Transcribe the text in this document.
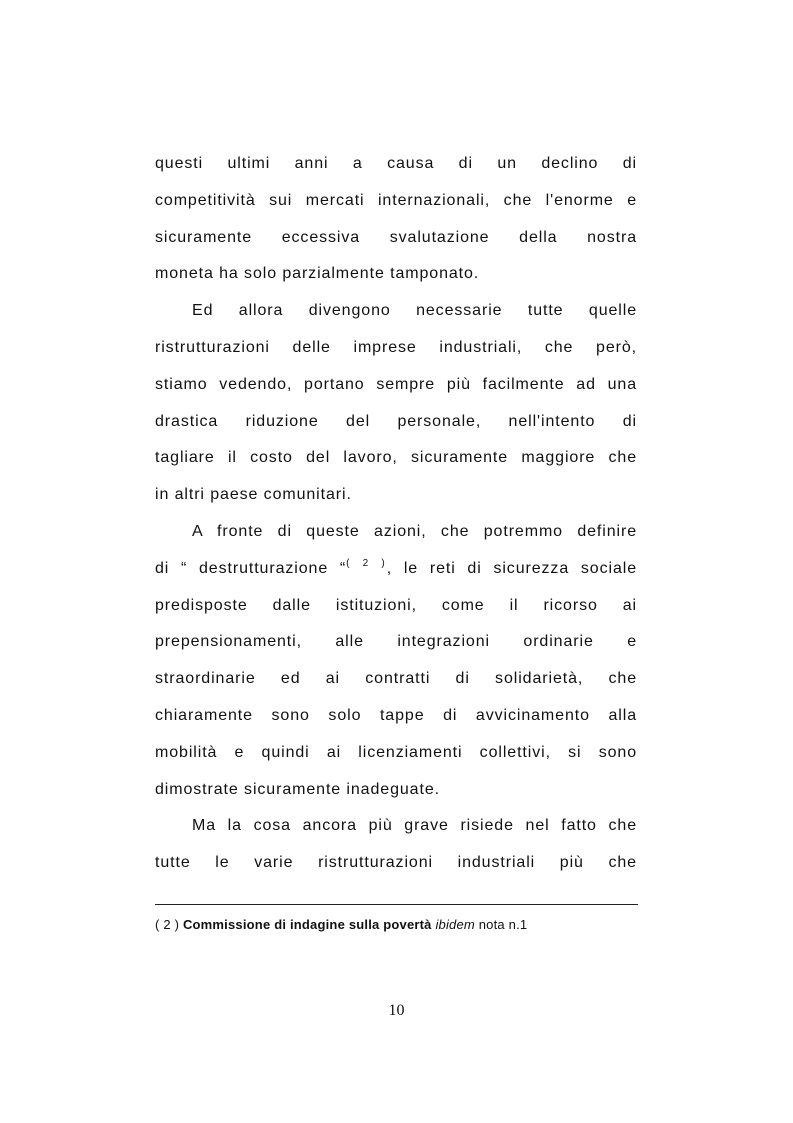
questi ultimi anni a causa di un declino di
competitività sui mercati internazionali, che l'enorme e
sicuramente eccessiva svalutazione della nostra
moneta ha solo parzialmente tamponato.
Ed allora divengono necessarie tutte quelle
ristrutturazioni delle imprese industriali, che però,
stiamo vedendo, portano sempre più facilmente ad una
drastica riduzione del personale, nell'intento di
tagliare il costo del lavoro, sicuramente maggiore che
in altri paese comunitari.
A fronte di queste azioni, che potremmo definire
di “ destrutturazione “$^{( 2 )}$, le reti di sicurezza sociale
predisposte dalle istituzioni, come il ricorso ai
prepensionamenti, alle integrazioni ordinarie e
straordinarie ed ai contratti di solidarietà, che
chiaramente sono solo tappe di avvicinamento alla
mobilità e quindi ai licenziamenti collettivi, si sono
dimostrate sicuramente inadeguate.
Ma la cosa ancora più grave risiede nel fatto che
tutte le varie ristrutturazioni industriali più che
( 2 ) Commissione di indagine sulla povertà ibidem nota n.1
10
